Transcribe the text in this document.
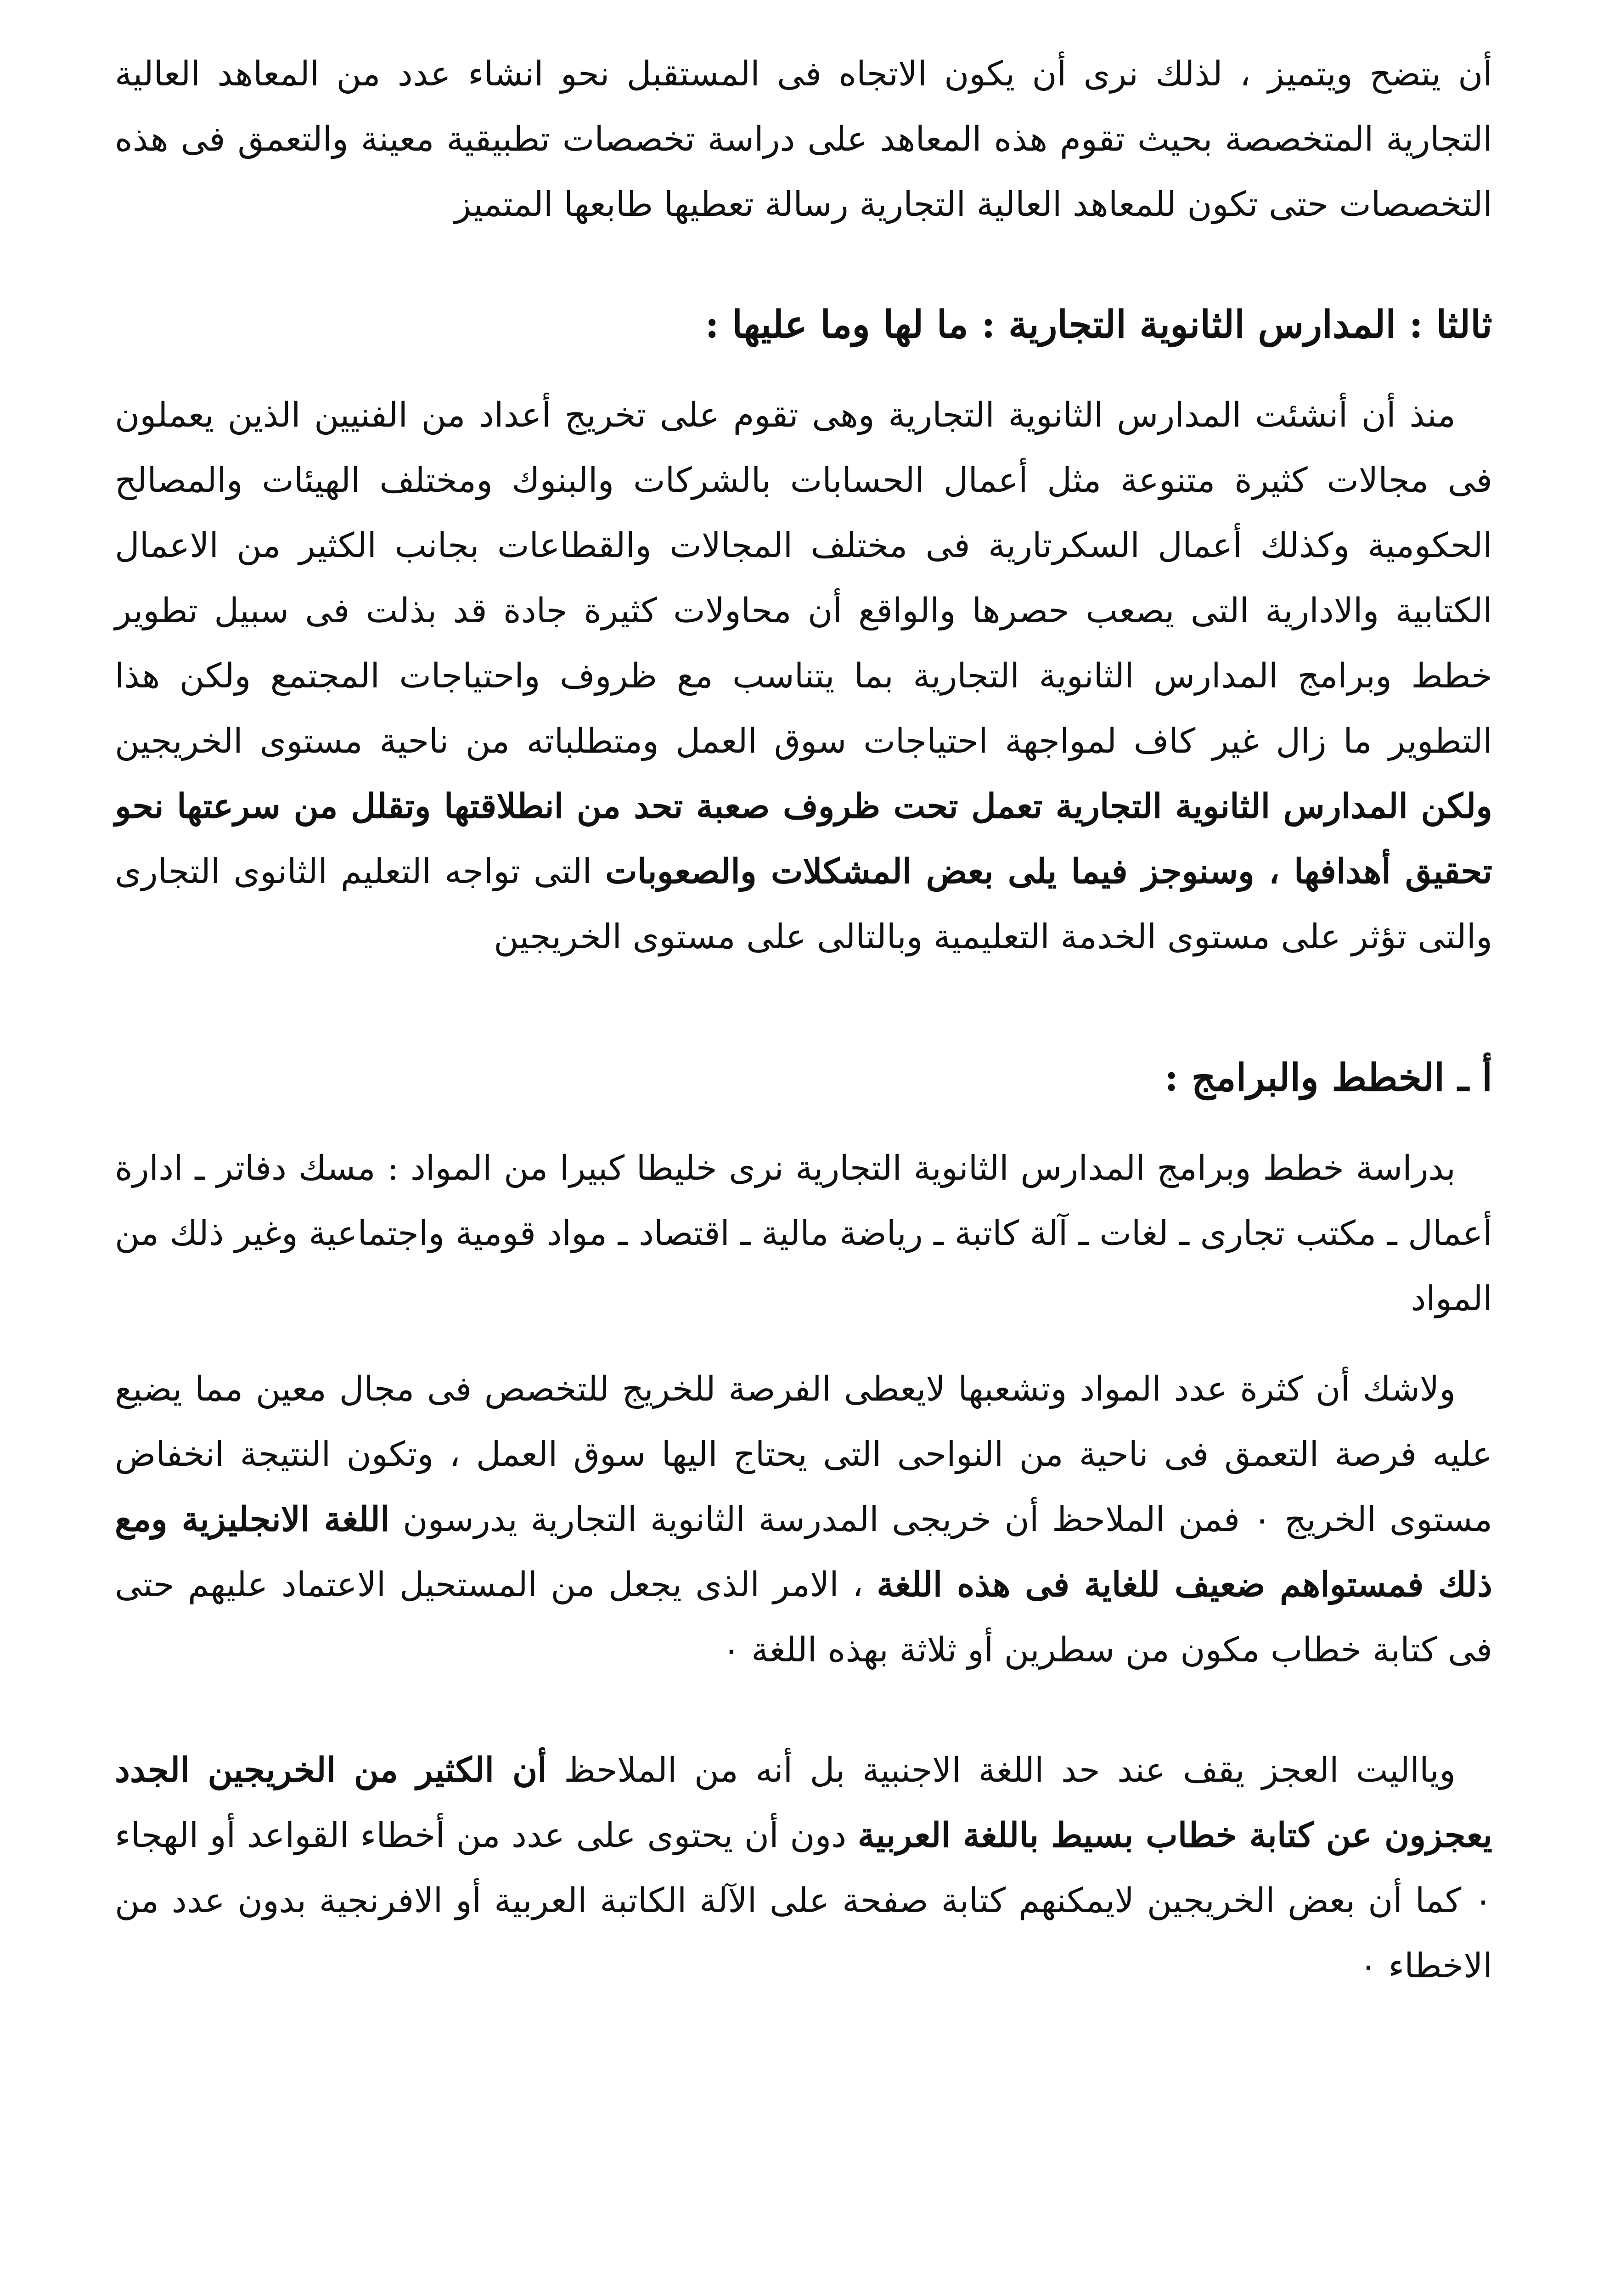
أن يتضح ويتميز ، لذلك نرى أن يكون الاتجاه فى المستقبل نحو انشاء عدد من المعاهد العالية التجارية المتخصصة بحيث تقوم هذه المعاهد على دراسة تخصصات تطبيقية معينة والتعمق فى هذه التخصصات حتى تكون للمعاهد العالية التجارية رسالة تعطيها طابعها المتميز

ثالثا : المدارس الثانوية التجارية : ما لها وما عليها :

منذ أن أنشئت المدارس الثانوية التجارية وهى تقوم على تخريج أعداد من الفنيين الذين يعملون فى مجالات كثيرة متنوعة مثل أعمال الحسابات بالشركات والبنوك ومختلف الهيئات والمصالح الحكومية وكذلك أعمال السكرتارية فى مختلف المجالات والقطاعات بجانب الكثير من الاعمال الكتابية والادارية التى يصعب حصرها والواقع أن محاولات كثيرة جادة قد بذلت فى سبيل تطوير خطط وبرامج المدارس الثانوية التجارية بما يتناسب مع ظروف واحتياجات المجتمع ولكن هذا التطوير ما زال غير كاف لمواجهة احتياجات سوق العمل ومتطلباته من ناحية مستوى الخريجين ولكن المدارس الثانوية التجارية تعمل تحت ظروف صعبة تحد من انطلاقتها وتقلل من سرعتها نحو تحقيق أهدافها ، وسنوجز فيما يلى بعض المشكلات والصعوبات التى تواجه التعليم الثانوى التجارى والتى تؤثر على مستوى الخدمة التعليمية وبالتالى على مستوى الخريجين

أ ـ الخطط والبرامج :

بدراسة خطط وبرامج المدارس الثانوية التجارية نرى خليطا كبيرا من المواد : مسك دفاتر ـ ادارة أعمال ـ مكتب تجارى ـ لغات ـ آلة كاتبة ـ رياضة مالية ـ اقتصاد ـ مواد قومية واجتماعية وغير ذلك من المواد

ولاشك أن كثرة عدد المواد وتشعبها لايعطى الفرصة للخريج للتخصص فى مجال معين مما يضيع عليه فرصة التعمق فى ناحية من النواحى التى يحتاج اليها سوق العمل ، وتكون النتيجة انخفاض مستوى الخريج ٠ فمن الملاحظ أن خريجى المدرسة الثانوية التجارية يدرسون اللغة الانجليزية ومع ذلك فمستواهم ضعيف للغاية فى هذه اللغة ، الامر الذى يجعل من المستحيل الاعتماد عليهم حتى فى كتابة خطاب مكون من سطرين أو ثلاثة بهذه اللغة ٠

ويااليت العجز يقف عند حد اللغة الاجنبية بل أنه من الملاحظ أن الكثير من الخريجين الجدد يعجزون عن كتابة خطاب بسيط باللغة العربية دون أن يحتوى على عدد من أخطاء القواعد أو الهجاء ٠ كما أن بعض الخريجين لايمكنهم كتابة صفحة على الآلة الكاتبة العربية أو الافرنجية بدون عدد من الاخطاء ٠
